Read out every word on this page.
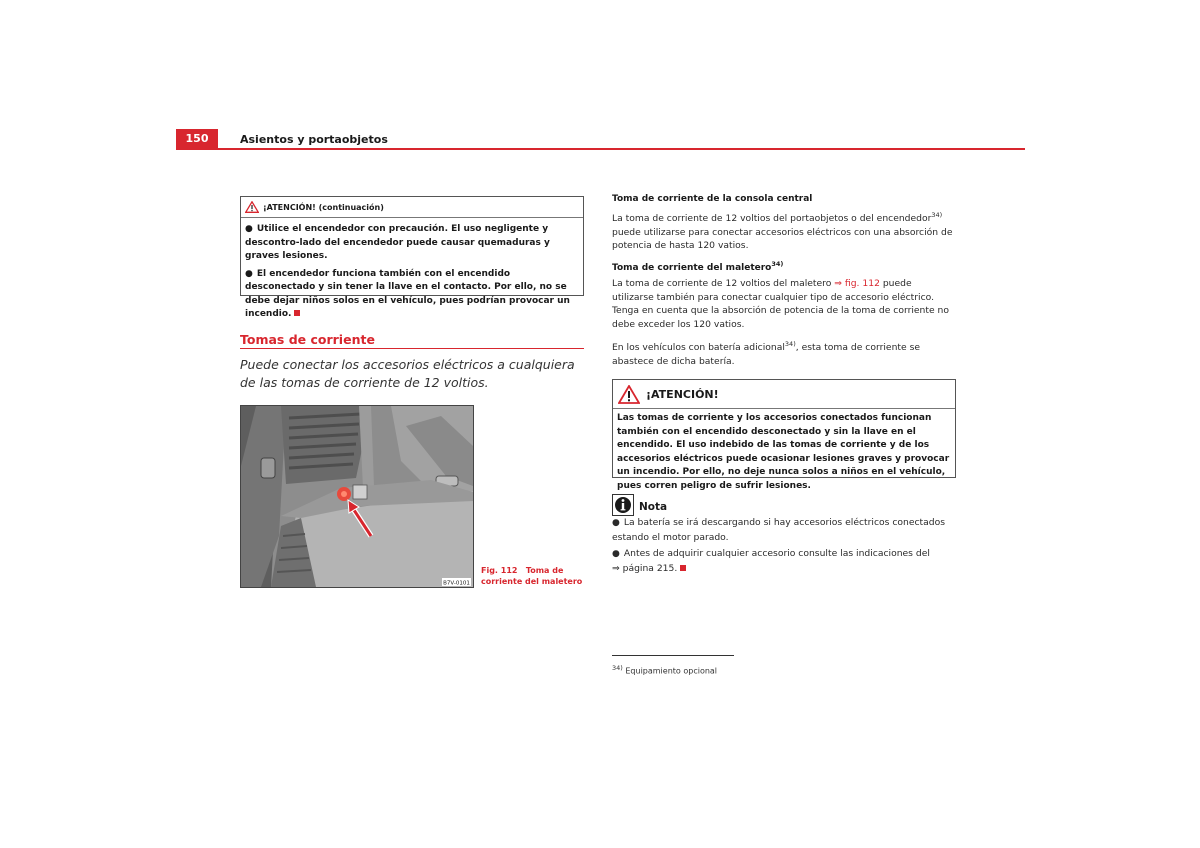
150	Asientos y portaobjetos
¡ATENCIÓN! (continuación)
● Utilice el encendedor con precaución. El uso negligente y descontro-lado del encendedor puede causar quemaduras y graves lesiones.
● El encendedor funciona también con el encendido desconectado y sin tener la llave en el contacto. Por ello, no se debe dejar niños solos en el vehículo, pues podrían provocar un incendio.
Tomas de corriente
Puede conectar los accesorios eléctricos a cualquiera de las tomas de corriente de 12 voltios.
B7V-0101
Fig. 112   Toma de
corriente del maletero
Toma de corriente de la consola central
La toma de corriente de 12 voltios del portaobjetos o del encendedor$^{34)}$ puede utilizarse para conectar accesorios eléctricos con una absorción de potencia de hasta 120 vatios.
Toma de corriente del maletero$^{34)}$
La toma de corriente de 12 voltios del maletero ⇒ fig. 112 puede utilizarse también para conectar cualquier tipo de accesorio eléctrico. Tenga en cuenta que la absorción de potencia de la toma de corriente no debe exceder los 120 vatios.
En los vehículos con batería adicional$^{34)}$, esta toma de corriente se abastece de dicha batería.
¡ATENCIÓN!
Las tomas de corriente y los accesorios conectados funcionan también con el encendido desconectado y sin la llave en el encendido. El uso indebido de las tomas de corriente y de los accesorios eléctricos puede ocasionar lesiones graves y provocar un incendio. Por ello, no deje nunca solos a niños en el vehículo, pues corren peligro de sufrir lesiones.
Nota
● La batería se irá descargando si hay accesorios eléctricos conectados estando el motor parado.
● Antes de adquirir cualquier accesorio consulte las indicaciones del
⇒ página 215.
$^{34)}$ Equipamiento opcional
